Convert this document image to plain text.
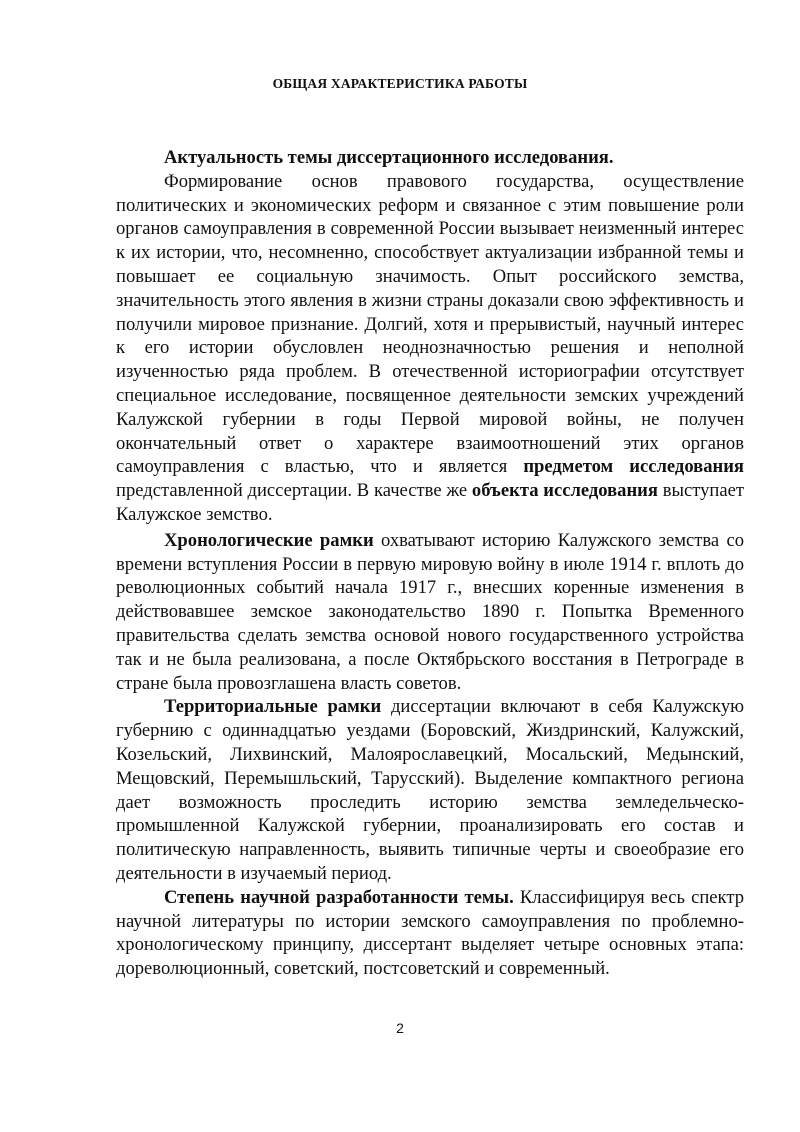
ОБЩАЯ ХАРАКТЕРИСТИКА РАБОТЫ

Актуальность темы диссертационного исследования.

Формирование основ правового государства, осуществление политических и экономических реформ и связанное с этим повышение роли органов самоуправления в современной России вызывает неизменный интерес к их истории, что, несомненно, способствует актуализации избранной темы и повышает ее социальную значимость. Опыт российского земства, значительность этого явления в жизни страны доказали свою эффективность и получили мировое признание. Долгий, хотя и прерывистый, научный интерес к его истории обусловлен неоднозначностью решения и неполной изученностью ряда проблем. В отечественной историографии отсутствует специальное исследование, посвященное деятельности земских учреждений Калужской губернии в годы Первой мировой войны, не получен окончательный ответ о характере взаимоотношений этих органов самоуправления с властью, что и является предметом исследования представленной диссертации. В качестве же объекта исследования выступает Калужское земство.

Хронологические рамки охватывают историю Калужского земства со времени вступления России в первую мировую войну в июле 1914 г. вплоть до революционных событий начала 1917 г., внесших коренные изменения в действовавшее земское законодательство 1890 г. Попытка Временного правительства сделать земства основой нового государственного устройства так и не была реализована, а после Октябрьского восстания в Петрограде в стране была провозглашена власть советов.

Территориальные рамки диссертации включают в себя Калужскую губернию с одиннадцатью уездами (Боровский, Жиздринский, Калужский, Козельский, Лихвинский, Малоярославецкий, Мосальский, Медынский, Мещовский, Перемышльский, Тарусский). Выделение компактного региона дает возможность проследить историю земства земледельческо-промышленной Калужской губернии, проанализировать его состав и политическую направленность, выявить типичные черты и своеобразие его деятельности в изучаемый период.

Степень научной разработанности темы. Классифицируя весь спектр научной литературы по истории земского самоуправления по проблемно-хронологическому принципу, диссертант выделяет четыре основных этапа: дореволюционный, советский, постсоветский и современный.

2
